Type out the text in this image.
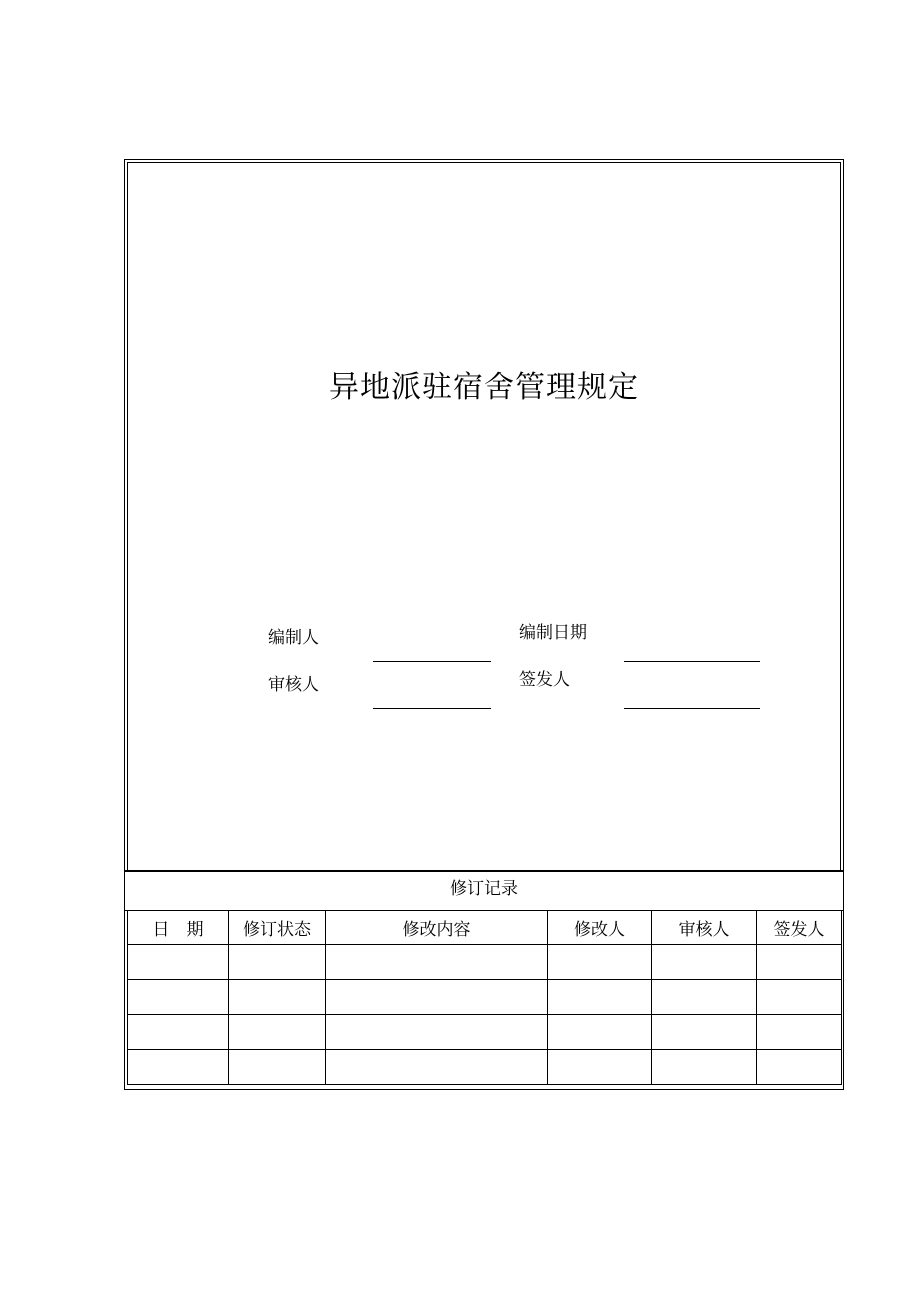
异地派驻宿舍管理规定
编制人	编制日期
审核人	签发人
修订记录
日　期	修订状态	修改内容	修改人	审核人	签发人
